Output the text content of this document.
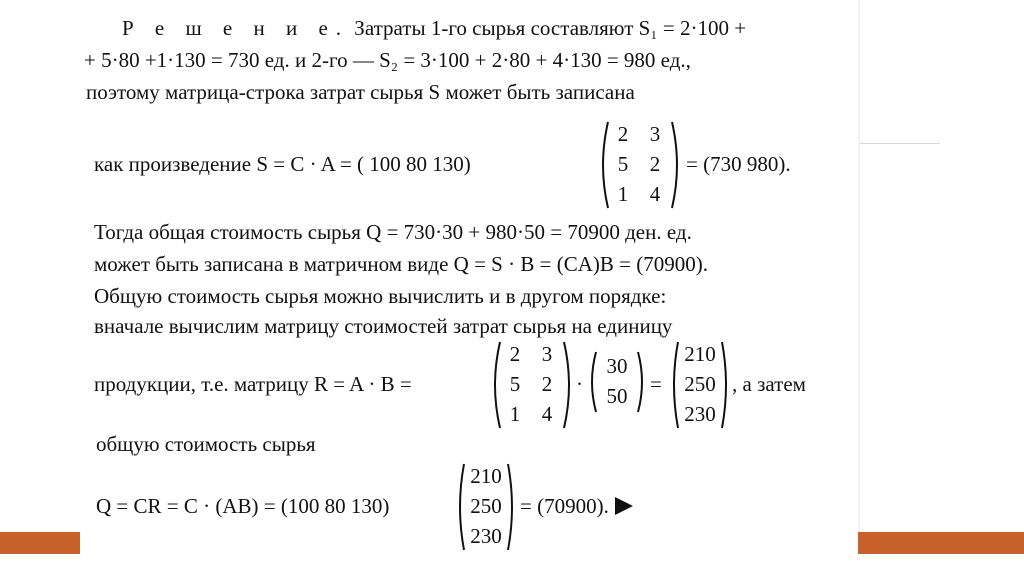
Р е ш е н и е. Затраты 1-го сырья составляют S₁ = 2·100 +
+ 5·80 +1·130 = 730 ед. и 2-го — S₂ = 3·100 + 2·80 + 4·130 = 980 ед.,
поэтому матрица-строка затрат сырья S может быть записана
как произведение S = C · A = ( 100 80 130)
2	3
5	2
1	4
= (730 980).
Тогда общая стоимость сырья Q = 730·30 + 980·50 = 70900 ден. ед.
может быть записана в матричном виде Q = S · B = (CA)B = (70900).
Общую стоимость сырья можно вычислить и в другом порядке:
вначале вычислим матрицу стоимостей затрат сырья на единицу
продукции, т.е. матрицу R = A · B =
2	3
5	2
1	4
·
30
50 =
210
250
230
, а затем
общую стоимость сырья
Q = CR = C · (AB) = (100 80 130)
210
250
230
= (70900).
